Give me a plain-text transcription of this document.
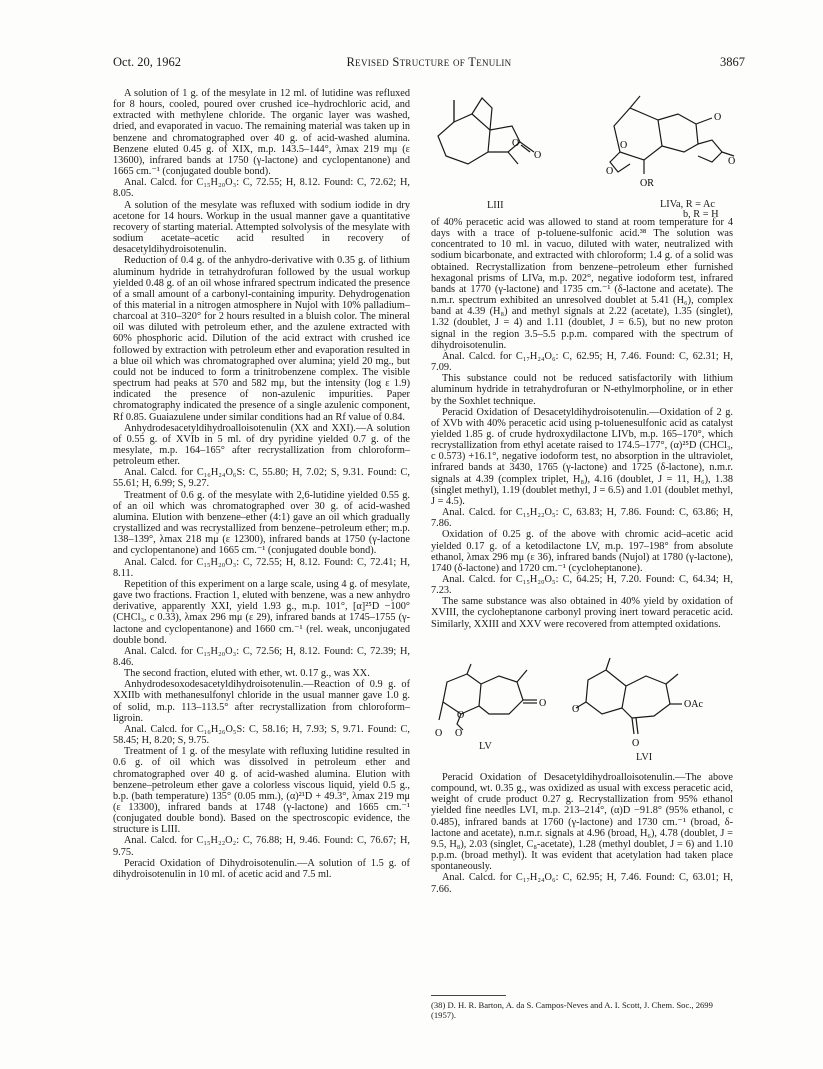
Oct. 20, 1962	Revised Structure of Tenulin	3867

A solution of 1 g. of the mesylate in 12 ml. of lutidine was refluxed for 8 hours, cooled, poured over crushed ice–hydrochloric acid, and extracted with methylene chloride. The organic layer was washed, dried, and evaporated in vacuo. The remaining material was taken up in benzene and chromatographed over 40 g. of acid-washed alumina. Benzene eluted 0.45 g. of XIX, m.p. 143.5–144°, λmax 219 mμ (ε 13600), infrared bands at 1750 (γ-lactone) and cyclopentanone) and 1665 cm.⁻¹ (conjugated double bond).

Anal. Calcd. for C₁₅H₂₀O₃: C, 72.55; H, 8.12. Found: C, 72.62; H, 8.05.

A solution of the mesylate was refluxed with sodium iodide in dry acetone for 14 hours. Workup in the usual manner gave a quantitative recovery of starting material. Attempted solvolysis of the mesylate with sodium acetate–acetic acid resulted in recovery of desacetyldihydroisotenulin.

Reduction of 0.4 g. of the anhydro-derivative with 0.35 g. of lithium aluminum hydride in tetrahydrofuran followed by the usual workup yielded 0.48 g. of an oil whose infrared spectrum indicated the presence of a small amount of a carbonyl-containing impurity. Dehydrogenation of this material in a nitrogen atmosphere in Nujol with 10% palladium–charcoal at 310–320° for 2 hours resulted in a bluish color. The mineral oil was diluted with petroleum ether, and the azulene extracted with 60% phosphoric acid. Dilution of the acid extract with crushed ice followed by extraction with petroleum ether and evaporation resulted in a blue oil which was chromatographed over alumina; yield 20 mg., but could not be induced to form a trinitrobenzene complex. The visible spectrum had peaks at 570 and 582 mμ, but the intensity (log ε 1.9) indicated the presence of non-azulenic impurities. Paper chromatography indicated the presence of a single azulenic component, Rf 0.85. Guaiazulene under similar conditions had an Rf value of 0.84.

Anhydrodesacetyldihydroalloisotenulin (XX and XXI).—A solution of 0.55 g. of XVIb in 5 ml. of dry pyridine yielded 0.7 g. of the mesylate, m.p. 164–165° after recrystallization from chloroform–petroleum ether.

Anal. Calcd. for C₁₆H₂₄O₆S: C, 55.80; H, 7.02; S, 9.31. Found: C, 55.61; H, 6.99; S, 9.27.

Treatment of 0.6 g. of the mesylate with 2,6-lutidine yielded 0.55 g. of an oil which was chromatographed over 30 g. of acid-washed alumina. Elution with benzene–ether (4:1) gave an oil which gradually crystallized and was recrystallized from benzene–petroleum ether; m.p. 138–139°, λmax 218 mμ (ε 12300), infrared bands at 1750 (γ-lactone and cyclopentanone) and 1665 cm.⁻¹ (conjugated double bond).

Anal. Calcd. for C₁₅H₂₀O₃: C, 72.55; H, 8.12. Found: C, 72.41; H, 8.11.

Repetition of this experiment on a large scale, using 4 g. of mesylate, gave two fractions. Fraction 1, eluted with benzene, was a new anhydro derivative, apparently XXI, yield 1.93 g., m.p. 101°, [α]²⁵D −100° (CHCl₃, c 0.33), λmax 296 mμ (ε 29), infrared bands at 1745–1755 (γ-lactone and cyclopentanone) and 1660 cm.⁻¹ (rel. weak, unconjugated double bond.

Anal. Calcd. for C₁₅H₂₀O₃: C, 72.56; H, 8.12. Found: C, 72.39; H, 8.46.

The second fraction, eluted with ether, wt. 0.17 g., was XX.

Anhydrodesoxodesacetyldihydroisotenulin.—Reaction of 0.9 g. of XXIIb with methanesulfonyl chloride in the usual manner gave 1.0 g. of solid, m.p. 113–113.5° after recrystallization from chloroform–ligroin.

Anal. Calcd. for C₁₆H₂₆O₅S: C, 58.16; H, 7.93; S, 9.71. Found: C, 58.45; H, 8.20; S, 9.75.

Treatment of 1 g. of the mesylate with refluxing lutidine resulted in 0.6 g. of oil which was dissolved in petroleum ether and chromatographed over 40 g. of acid-washed alumina. Elution with benzene–petroleum ether gave a colorless viscous liquid, yield 0.5 g., b.p. (bath temperature) 135° (0.05 mm.), (α)²¹D + 49.3°, λmax 219 mμ (ε 13300), infrared bands at 1748 (γ-lactone) and 1665 cm.⁻¹ (conjugated double bond). Based on the spectroscopic evidence, the structure is LIII.

Anal. Calcd. for C₁₅H₂₂O₂: C, 76.88; H, 9.46. Found: C, 76.67; H, 9.75.

Peracid Oxidation of Dihydroisotenulin.—A solution of 1.5 g. of dihydroisotenulin in 10 ml. of acetic acid and 7.5 ml.

O
O
LIII
O
O
O
OR
O
LIVa, R = Ac
b, R = H

of 40% peracetic acid was allowed to stand at room temperature for 4 days with a trace of p-toluene-sulfonic acid.³⁸ The solution was concentrated to 10 ml. in vacuo, diluted with water, neutralized with sodium bicarbonate, and extracted with chloroform; 1.4 g. of a solid was obtained. Recrystallization from benzene–petroleum ether furnished hexagonal prisms of LIVa, m.p. 202°, negative iodoform test, infrared bands at 1770 (γ-lactone) and 1735 cm.⁻¹ (δ-lactone and acetate). The n.m.r. spectrum exhibited an unresolved doublet at 5.41 (H₆), complex band at 4.39 (H₈) and methyl signals at 2.22 (acetate), 1.35 (singlet), 1.32 (doublet, J = 4) and 1.11 (doublet, J = 6.5), but no new proton signal in the region 3.5–5.5 p.p.m. compared with the spectrum of dihydroisotenulin.

Anal. Calcd. for C₁₇H₂₄O₆: C, 62.95; H, 7.46. Found: C, 62.31; H, 7.09.

This substance could not be reduced satisfactorily with lithium aluminum hydride in tetrahydrofuran or N-ethylmorpholine, or in ether by the Soxhlet technique.

Peracid Oxidation of Desacetyldihydroisotenulin.—Oxidation of 2 g. of XVb with 40% peracetic acid using p-toluenesulfonic acid as catalyst yielded 1.85 g. of crude hydroxydilactone LIVb, m.p. 165–170°, which recrystallization from ethyl acetate raised to 174.5–177°, (α)²⁵D (CHCl₃, c 0.573) +16.1°, negative iodoform test, no absorption in the ultraviolet, infrared bands at 3430, 1765 (γ-lactone) and 1725 (δ-lactone), n.m.r. signals at 4.39 (complex triplet, H₈), 4.16 (doublet, J = 11, H₆), 1.38 (singlet methyl), 1.19 (doublet methyl, J = 6.5) and 1.01 (doublet methyl, J = 4.5).

Anal. Calcd. for C₁₅H₂₂O₅: C, 63.83; H, 7.86. Found: C, 63.86; H, 7.86.

Oxidation of 0.25 g. of the above with chromic acid–acetic acid yielded 0.17 g. of a ketodilactone LV, m.p. 197–198° from absolute ethanol, λmax 296 mμ (ε 36), infrared bands (Nujol) at 1780 (γ-lactone), 1740 (δ-lactone) and 1720 cm.⁻¹ (cycloheptanone).

Anal. Calcd. for C₁₅H₂₀O₅: C, 64.25; H, 7.20. Found: C, 64.34; H, 7.23.

The same substance was also obtained in 40% yield by oxidation of XVIII, the cycloheptanone carbonyl proving inert toward peracetic acid. Similarly, XXIII and XXV were recovered from attempted oxidations.

O
O O
O
LV
O	OAc
O
LVI

Peracid Oxidation of Desacetyldihydroalloisotenulin.—The above compound, wt. 0.35 g., was oxidized as usual with excess peracetic acid, weight of crude product 0.27 g. Recrystallization from 95% ethanol yielded fine needles LVI, m.p. 213–214°, (α)D −91.8° (95% ethanol, c 0.485), infrared bands at 1760 (γ-lactone) and 1730 cm.⁻¹ (broad, δ-lactone and acetate), n.m.r. signals at 4.96 (broad, H₆), 4.78 (doublet, J = 9.5, H₈), 2.03 (singlet, C₈-acetate), 1.28 (methyl doublet, J = 6) and 1.10 p.p.m. (broad methyl). It was evident that acetylation had taken place spontaneously.

Anal. Calcd. for C₁₇H₂₄O₆: C, 62.95; H, 7.46. Found: C, 63.01; H, 7.66.

(38) D. H. R. Barton, A. da S. Campos-Neves and A. I. Scott, J. Chem. Soc., 2699 (1957).
